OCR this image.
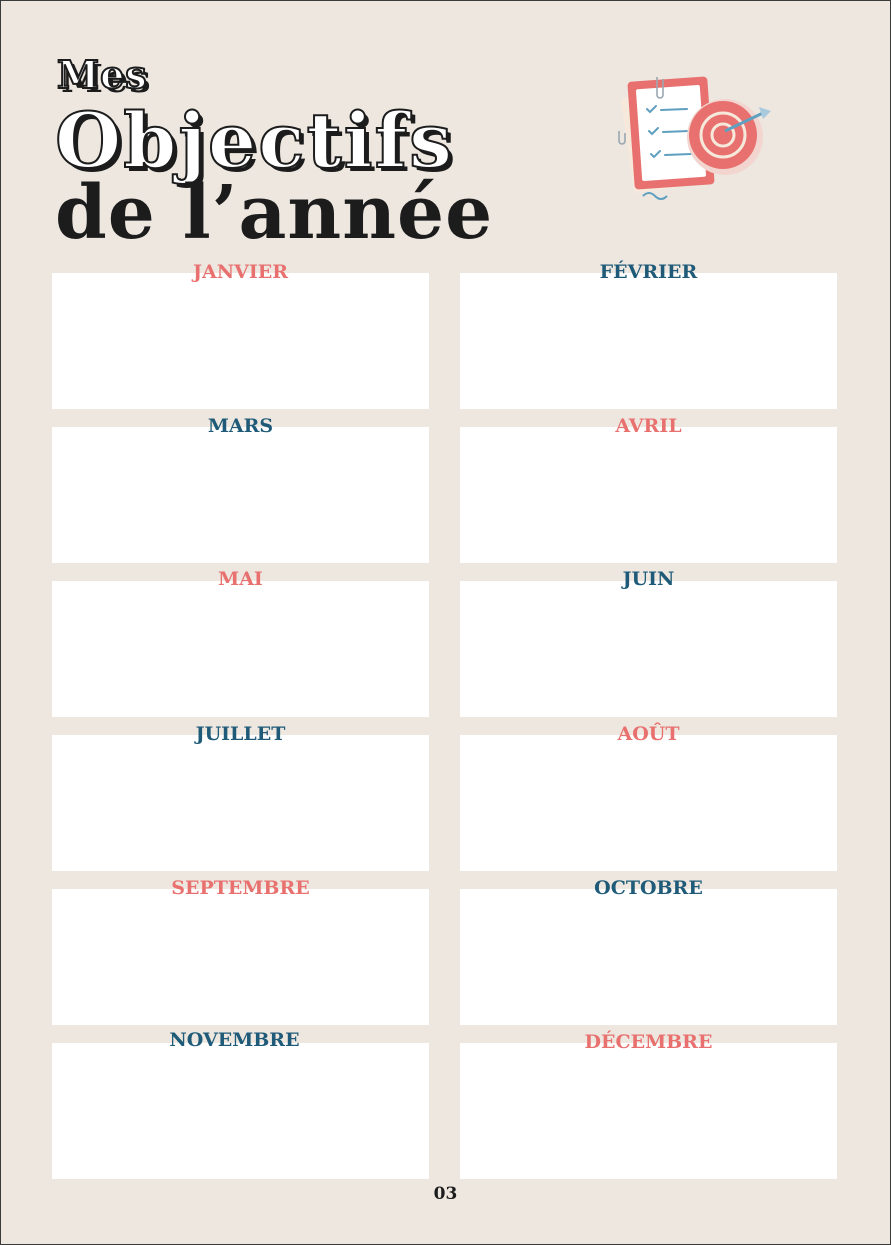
Mes
Objectifs
de l’année
JANVIER	FÉVRIER
MARS	AVRIL
MAI	JUIN
JUILLET	AOÛT
SEPTEMBRE	OCTOBRE
NOVEMBRE	DÉCEMBRE
03
